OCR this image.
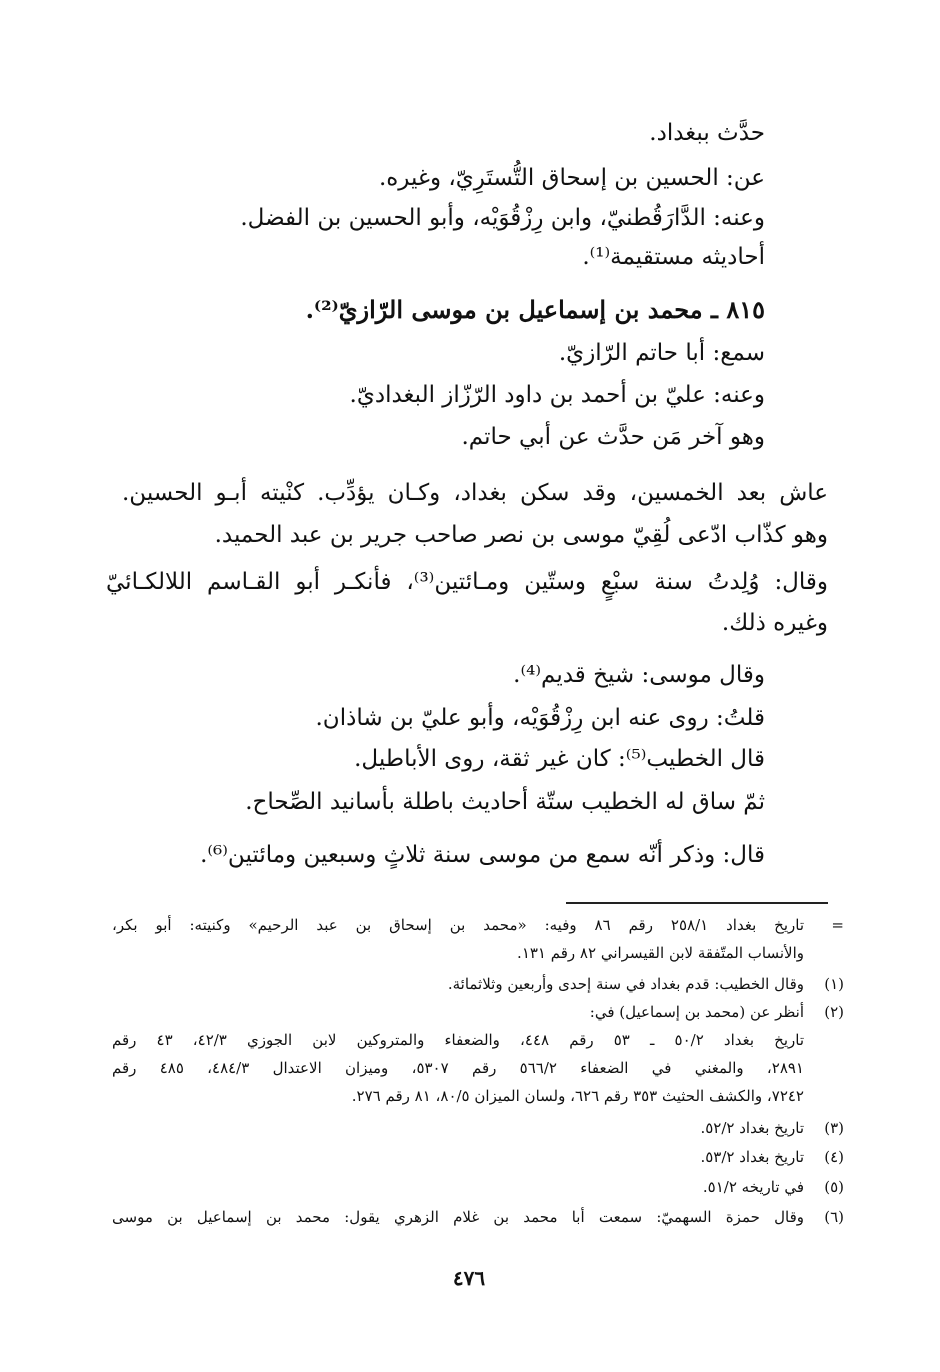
حدَّث ببغداد.
عن: الحسين بن إسحاق التُّستَرِيّ، وغيره.
وعنه: الدَّارَقُطنيّ، وابن رِزْقُوَيْه، وأبو الحسين بن الفضل.
أحاديثه مستقيمة⁽¹⁾.
٨١٥ ـ محمد بن إسماعيل بن موسى الرّازيّ⁽²⁾.
سمع: أبا حاتم الرّازيّ.
وعنه: عليّ بن أحمد بن داود الرّزّاز البغداديّ.
وهو آخر مَن حدَّث عن أبي حاتم.
عاش بعد الخمسين، وقد سكن بغداد، وكـان يؤدِّب. كنْيته أبـو الحسين.
وهو كذّاب ادّعى لُقِيّ موسى بن نصر صاحب جرير بن عبد الحميد.
وقال: وُلِدتُ سنة سبْعٍ وستّين ومـائتين⁽³⁾، فأنكـر أبو القـاسم اللالكـائيّ
وغيره ذلك.
وقال موسى: شيخ قديم⁽⁴⁾.
قلتُ: روى عنه ابن رِزْقُوَيْه، وأبو عليّ بن شاذان.
قال الخطيب⁽⁵⁾: كان غير ثقة، روى الأباطيل.
ثمّ ساق له الخطيب ستّة أحاديث باطلة بأسانيد الصِّحاح.
قال: وذكر أنّه سمع من موسى سنة ثلاثٍ وسبعين ومائتين⁽⁶⁾.
=
تاريخ بغداد ٢٥٨/١ رقم ٨٦ وفيه: «محمد بن إسحاق بن عبد الرحيم» وكنيته: أبو بكر،
والأنساب المتّفقة لابن القيسراني ٨٢ رقم ١٣١.
(١)
وقال الخطيب: قدم بغداد في سنة إحدى وأربعين وثلاثمائة.
(٢)
أنظر عن (محمد بن إسماعيل) في:
تاريخ بغداد ٥٠/٢ ـ ٥٣ رقم ٤٤٨، والضعفاء والمتروكين لابن الجوزي ٤٢/٣، ٤٣ رقم
٢٨٩١، والمغني في الضعفاء ٥٦٦/٢ رقم ٥٣٠٧، وميزان الاعتدال ٤٨٤/٣، ٤٨٥ رقم
٧٢٤٢، والكشف الحثيث ٣٥٣ رقم ٦٢٦، ولسان الميزان ٨٠/٥، ٨١ رقم ٢٧٦.
(٣)
تاريخ بغداد ٥٢/٢.
(٤)
تاريخ بغداد ٥٣/٢.
(٥)
في تاريخه ٥١/٢.
(٦)
وقال حمزة السهميّ: سمعت أبا محمد بن غلام الزهري يقول: محمد بن إسماعيل بن موسى
٤٧٦
